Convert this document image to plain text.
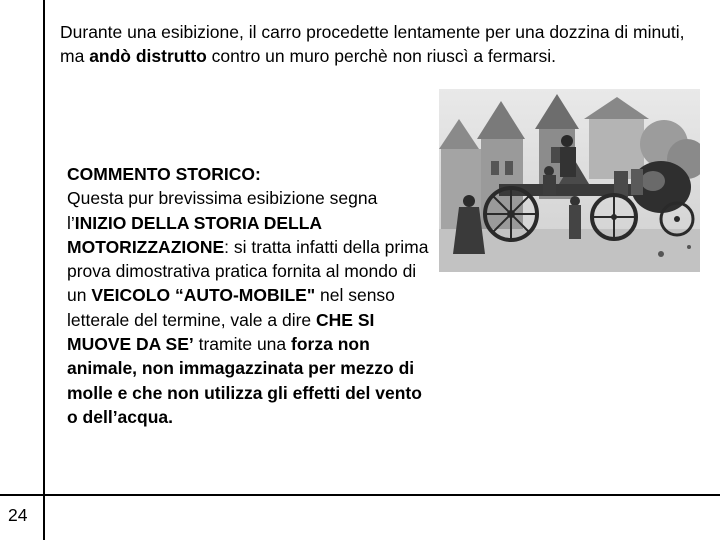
Durante una esibizione, il carro procedette lentamente per una dozzina di minuti, ma andò distrutto contro un muro perchè non riuscì a fermarsi.

COMMENTO STORICO:
Questa pur brevissima esibizione segna l’INIZIO DELLA STORIA DELLA MOTORIZZAZIONE: si tratta infatti della prima prova dimostrativa pratica fornita al mondo di un VEICOLO “AUTO-MOBILE" nel senso letterale del termine, vale a dire CHE SI MUOVE DA SE’ tramite una forza non animale, non immagazzinata per mezzo di molle e che non utilizza gli effetti del vento o dell’acqua.

24
